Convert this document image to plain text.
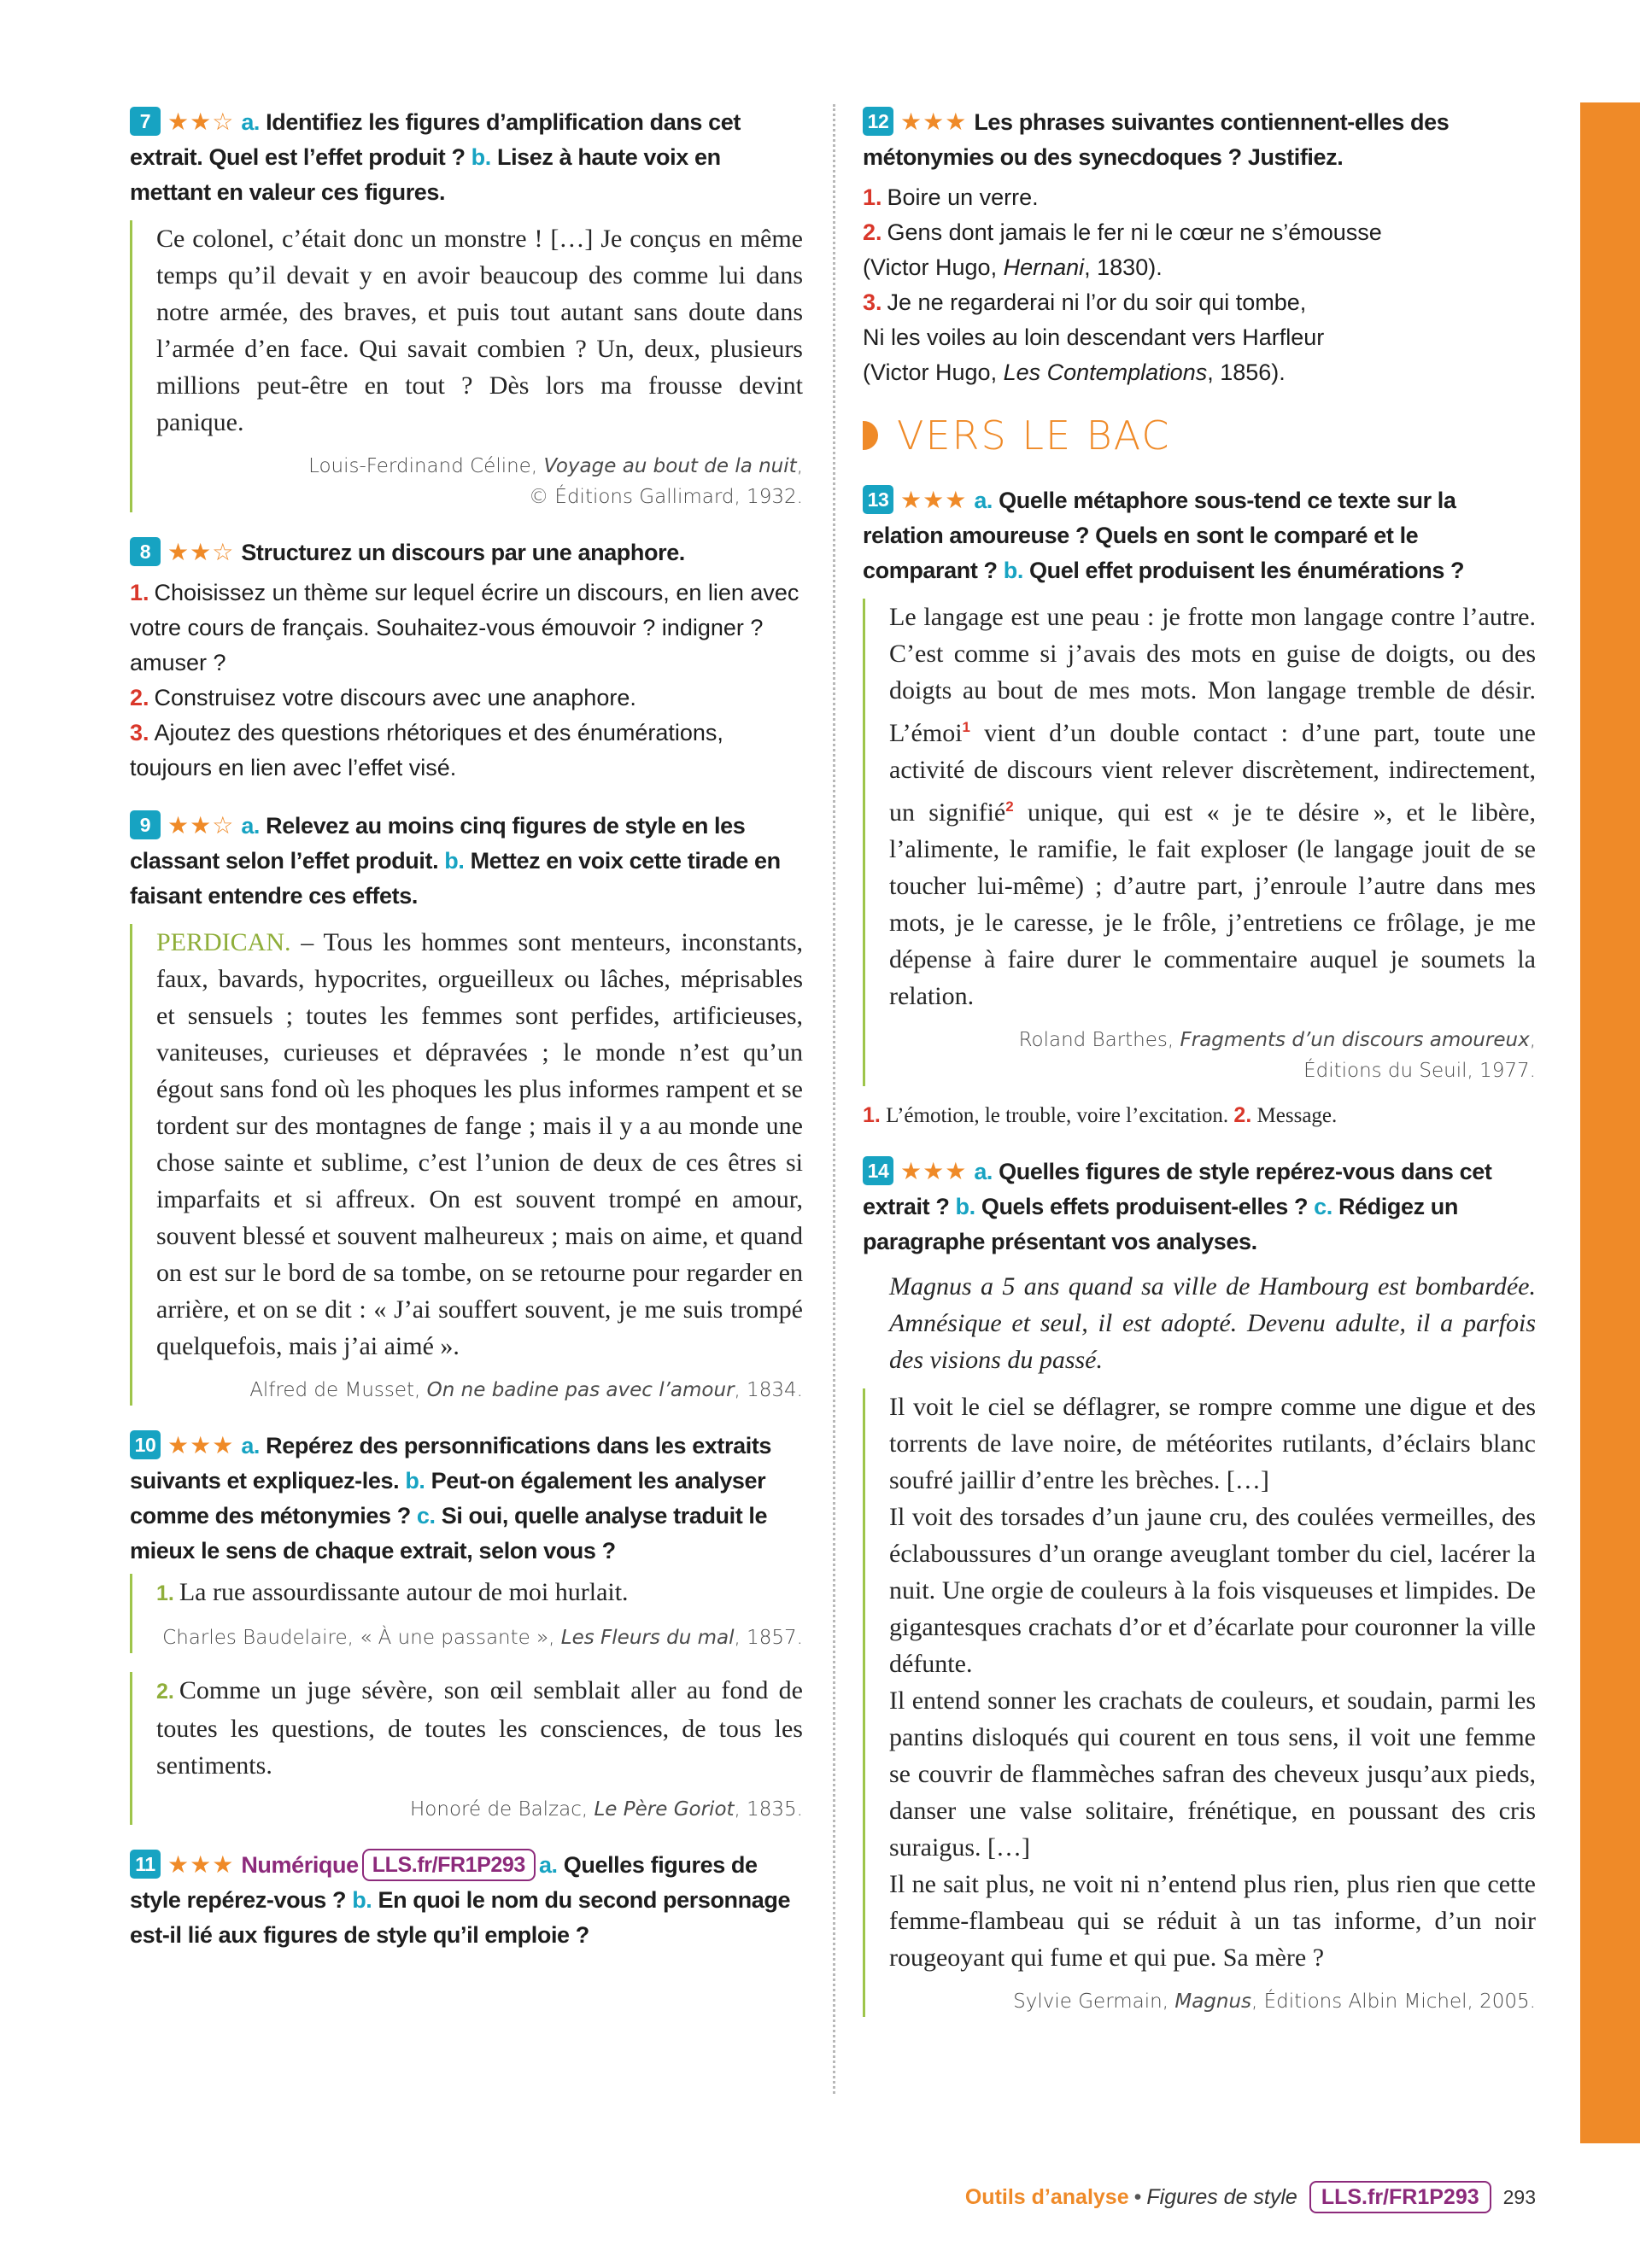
7 ★★☆ a. Identifiez les figures d’amplification dans cet extrait. Quel est l’effet produit ? b. Lisez à haute voix en mettant en valeur ces figures.

Ce colonel, c’était donc un monstre ! […] Je conçus en même temps qu’il devait y en avoir beaucoup des comme lui dans notre armée, des braves, et puis tout autant sans doute dans l’armée d’en face. Qui savait combien ? Un, deux, plusieurs millions peut-être en tout ? Dès lors ma frousse devint panique.

Louis-Ferdinand Céline, Voyage au bout de la nuit,
© Éditions Gallimard, 1932.
8 ★★☆ Structurez un discours par une anaphore.

1. Choisissez un thème sur lequel écrire un discours, en lien avec votre cours de français. Souhaitez-vous émouvoir ? indigner ? amuser ?

2. Construisez votre discours avec une anaphore.

3. Ajoutez des questions rhétoriques et des énumérations, toujours en lien avec l’effet visé.

9 ★★☆ a. Relevez au moins cinq figures de style en les classant selon l’effet produit. b. Mettez en voix cette tirade en faisant entendre ces effets.

PERDICAN. – Tous les hommes sont menteurs, inconstants, faux, bavards, hypocrites, orgueilleux ou lâches, méprisables et sensuels ; toutes les femmes sont perfides, artificieuses, vaniteuses, curieuses et dépravées ; le monde n’est qu’un égout sans fond où les phoques les plus informes rampent et se tordent sur des montagnes de fange ; mais il y a au monde une chose sainte et sublime, c’est l’union de deux de ces êtres si imparfaits et si affreux. On est souvent trompé en amour, souvent blessé et souvent malheureux ; mais on aime, et quand on est sur le bord de sa tombe, on se retourne pour regarder en arrière, et on se dit : « J’ai souffert souvent, je me suis trompé quelquefois, mais j’ai aimé ».

Alfred de Musset, On ne badine pas avec l’amour, 1834.
10 ★★★ a. Repérez des personnifications dans les extraits suivants et expliquez-les. b. Peut-on également les analyser comme des métonymies ? c. Si oui, quelle analyse traduit le mieux le sens de chaque extrait, selon vous ?

1. La rue assourdissante autour de moi hurlait.

Charles Baudelaire, « À une passante », Les Fleurs du mal, 1857.

2. Comme un juge sévère, son œil semblait aller au fond de toutes les questions, de toutes les consciences, de tous les sentiments.

Honoré de Balzac, Le Père Goriot, 1835.
11 ★★★ Numérique LLS.fr/FR1P293 a. Quelles figures de style repérez-vous ? b. En quoi le nom du second personnage est-il lié aux figures de style qu’il emploie ?
12 ★★★ Les phrases suivantes contiennent-elles des métonymies ou des synecdoques ? Justifiez.

1. Boire un verre.

2. Gens dont jamais le fer ni le cœur ne s’émousse
(Victor Hugo, Hernani, 1830).

3. Je ne regarderai ni l’or du soir qui tombe,
Ni les voiles au loin descendant vers Harfleur
(Victor Hugo, Les Contemplations, 1856).

VERS LE BAC
13 ★★★ a. Quelle métaphore sous-tend ce texte sur la relation amoureuse ? Quels en sont le comparé et le comparant ? b. Quel effet produisent les énumérations ?

Le langage est une peau : je frotte mon langage contre l’autre. C’est comme si j’avais des mots en guise de doigts, ou des doigts au bout de mes mots. Mon langage tremble de désir. L’émoi$^1$ vient d’un double contact : d’une part, toute une activité de discours vient relever discrètement, indirectement, un signifié$^2$ unique, qui est « je te désire », et le libère, l’alimente, le ramifie, le fait exploser (le langage jouit de se toucher lui-même) ; d’autre part, j’enroule l’autre dans mes mots, je le caresse, je le frôle, j’entretiens ce frôlage, je me dépense à faire durer le commentaire auquel je soumets la relation.

Roland Barthes, Fragments d’un discours amoureux,
Éditions du Seuil, 1977.

1. L’émotion, le trouble, voire l’excitation. 2. Message.

14 ★★★ a. Quelles figures de style repérez-vous dans cet extrait ? b. Quels effets produisent-elles ? c. Rédigez un paragraphe présentant vos analyses.

Magnus a 5 ans quand sa ville de Hambourg est bombardée. Amnésique et seul, il est adopté. Devenu adulte, il a parfois des visions du passé.

Il voit le ciel se déflagrer, se rompre comme une digue et des torrents de lave noire, de météorites rutilants, d’éclairs blanc soufré jaillir d’entre les brèches. […]

Il voit des torsades d’un jaune cru, des coulées vermeilles, des éclaboussures d’un orange aveuglant tomber du ciel, lacérer la nuit. Une orgie de couleurs à la fois visqueuses et limpides. De gigantesques crachats d’or et d’écarlate pour couronner la ville défunte.

Il entend sonner les crachats de couleurs, et soudain, parmi les pantins disloqués qui courent en tous sens, il voit une femme se couvrir de flammèches safran des cheveux jusqu’aux pieds, danser une valse solitaire, frénétique, en poussant des cris suraigus. […]

Il ne sait plus, ne voit ni n’entend plus rien, plus rien que cette femme-flambeau qui se réduit à un tas informe, d’un noir rougeoyant qui fume et qui pue. Sa mère ?

Sylvie Germain, Magnus, Éditions Albin Michel, 2005.
Outils d’analyse • Figures de style	LLS.fr/FR1P293	293
